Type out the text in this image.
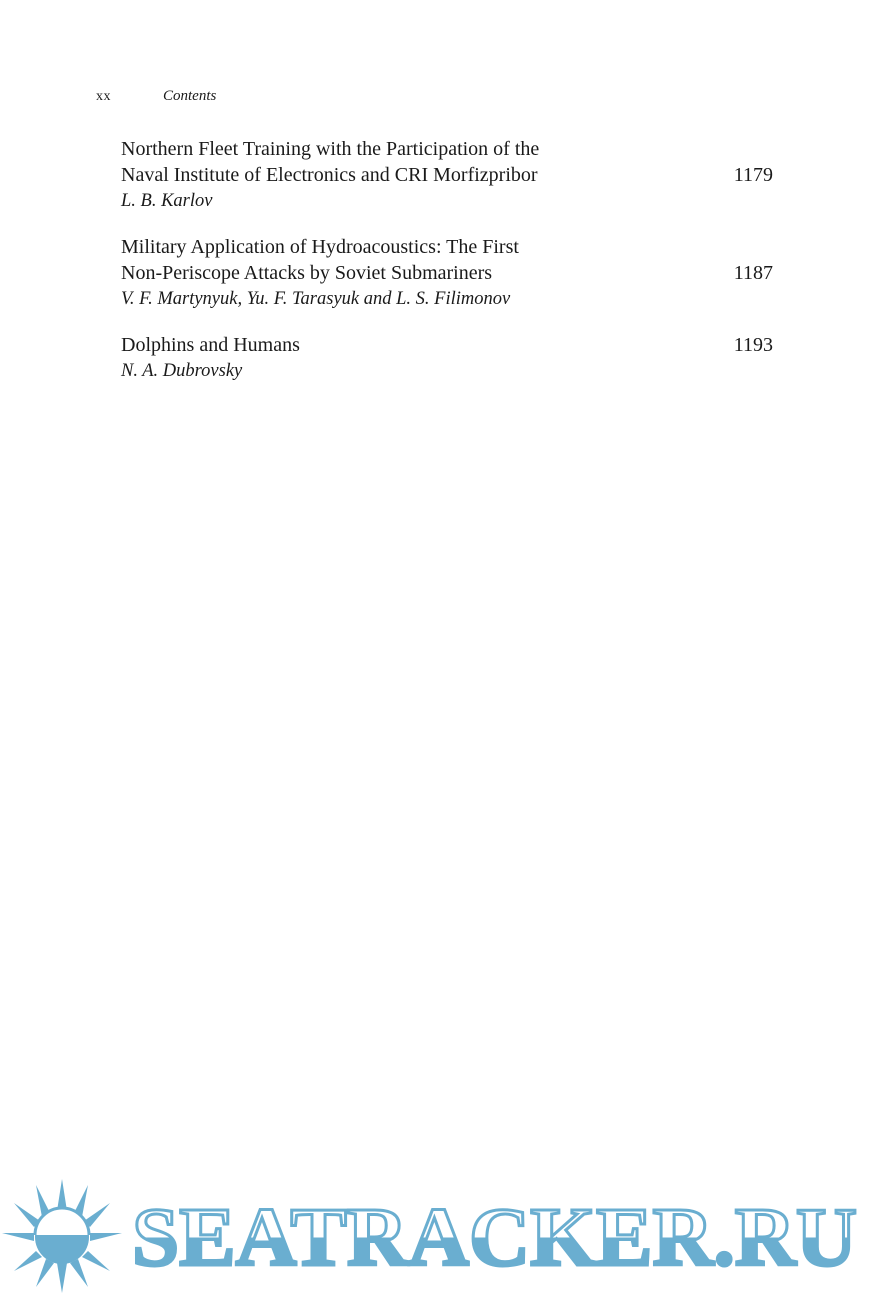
xx	Contents
Northern Fleet Training with the Participation of the
Naval Institute of Electronics and CRI Morfizpribor	1179
L. B. Karlov
Military Application of Hydroacoustics: The First
Non-Periscope Attacks by Soviet Submariners	1187
V. F. Martynyuk, Yu. F. Tarasyuk and L. S. Filimonov
Dolphins and Humans	1193
N. A. Dubrovsky
SEATRACKER.RU
